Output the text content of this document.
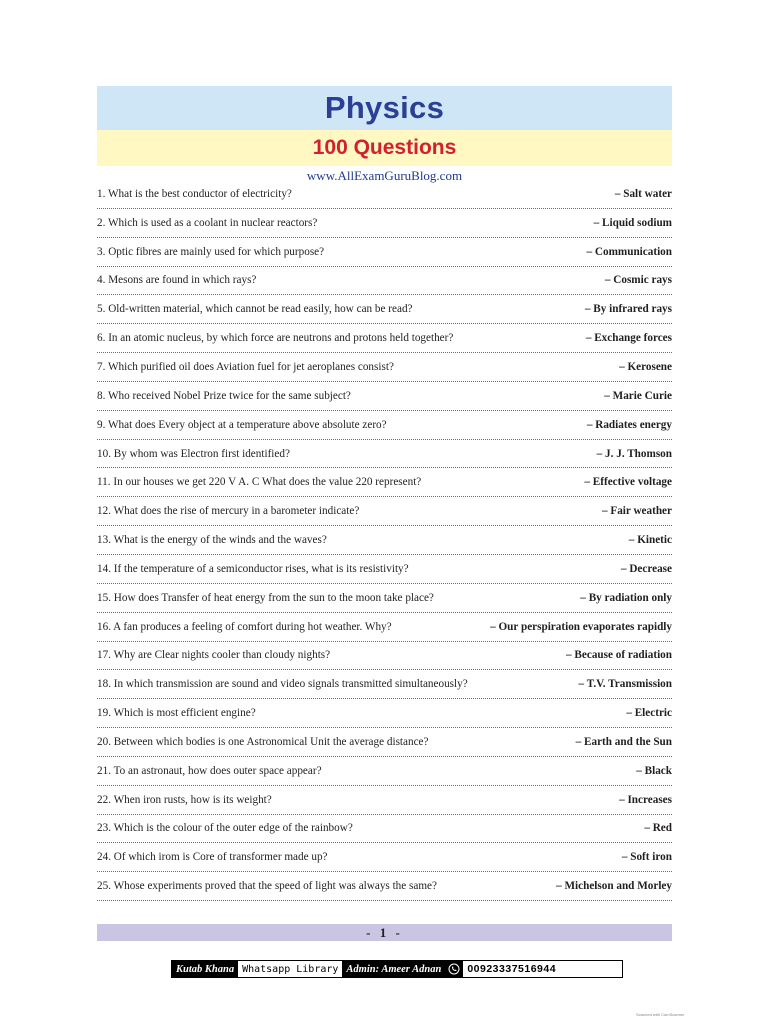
Physics
100 Questions
www.AllExamGuruBlog.com
1. What is the best conductor of electricity?	– Salt water
2. Which is used as a coolant in nuclear reactors?	– Liquid sodium
3. Optic fibres are mainly used for which purpose?	– Communication
4. Mesons are found in which rays?	– Cosmic rays
5. Old-written material, which cannot be read easily, how can be read?	– By infrared rays
6. In an atomic nucleus, by which force are neutrons and protons held together?	– Exchange forces
7. Which purified oil does Aviation fuel for jet aeroplanes consist?	– Kerosene
8. Who received Nobel Prize twice for the same subject?	– Marie Curie
9. What does Every object at a temperature above absolute zero?	– Radiates energy
10. By whom was Electron first identified?	– J. J. Thomson
11. In our houses we get 220 V A. C What does the value 220 represent?	– Effective voltage
12. What does the rise of mercury in a barometer indicate?	– Fair weather
13. What is the energy of the winds and the waves?	– Kinetic
14. If the temperature of a semiconductor rises, what is its resistivity?	– Decrease
15. How does Transfer of heat energy from the sun to the moon take place?	– By radiation only
16. A fan produces a feeling of comfort during hot weather. Why?	– Our perspiration evaporates rapidly
17. Why are Clear nights cooler than cloudy nights?	– Because of radiation
18. In which transmission are sound and video signals transmitted simultaneously?	– T.V. Transmission
19. Which is most efficient engine?	– Electric
20. Between which bodies is one Astronomical Unit the average distance?	– Earth and the Sun
21. To an astronaut, how does outer space appear?	– Black
22. When iron rusts, how is its weight?	– Increases
23. Which is the colour of the outer edge of the rainbow?	– Red
24. Of which irom is Core of transformer made up?	– Soft iron
25. Whose experiments proved that the speed of light was always the same?	– Michelson and Morley
- 1 -
Kutab Khana Whatsapp Library Admin: Ameer Adnan	00923337516944
Scanned with CamScanner
